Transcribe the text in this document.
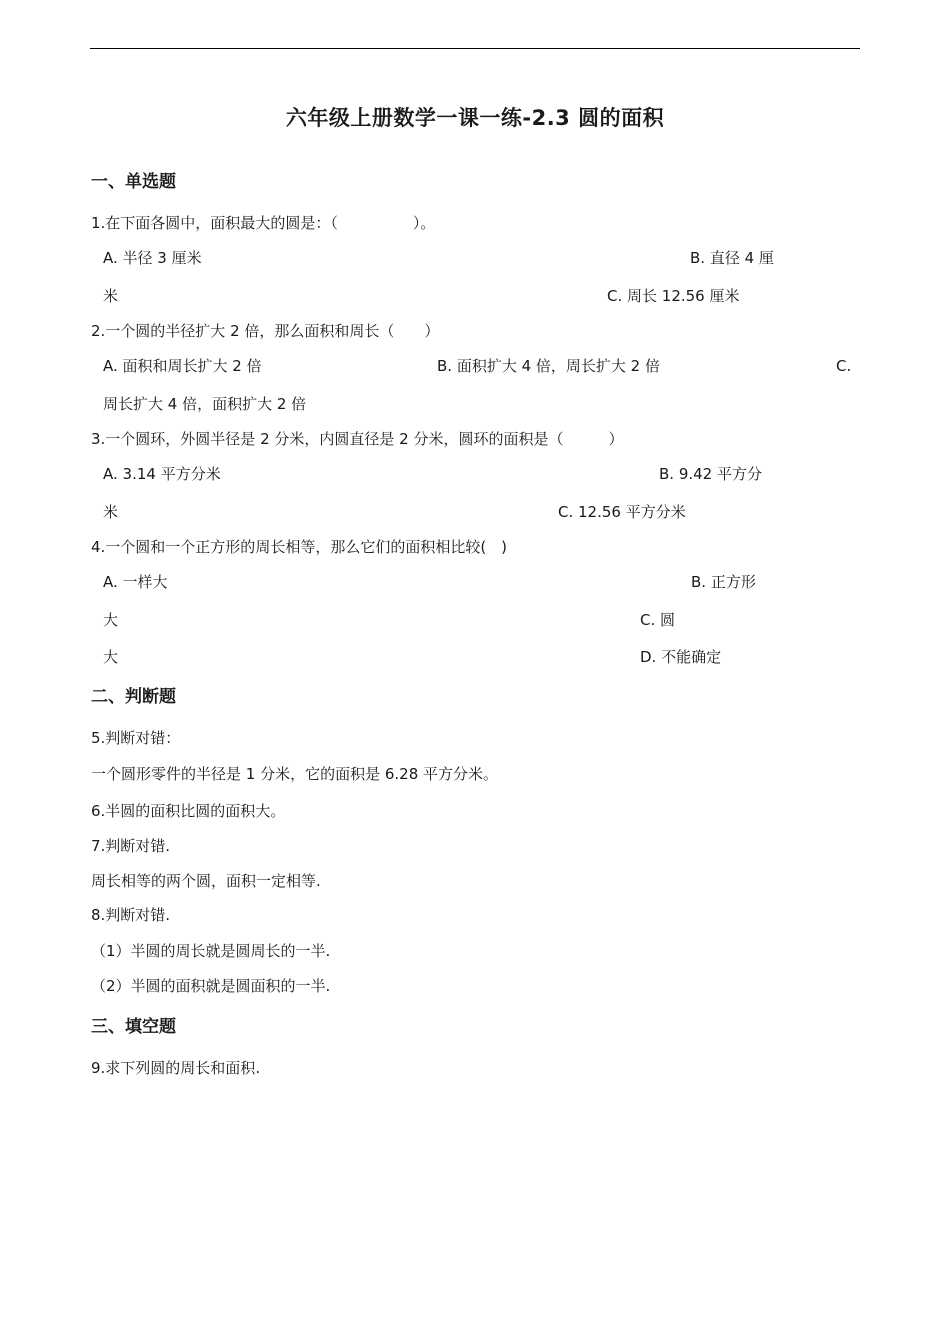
六年级上册数学一课一练-2.3 圆的面积
一、单选题
1.在下面各圆中，面积最大的圆是：（　　　　　）。
A. 半径 3 厘米	B. 直径 4 厘
米	C. 周长 12.56 厘米
2.一个圆的半径扩大 2 倍，那么面积和周长（　　）
A. 面积和周长扩大 2 倍	B. 面积扩大 4 倍，周长扩大 2 倍	C.
周长扩大 4 倍，面积扩大 2 倍
3.一个圆环，外圆半径是 2 分米，内圆直径是 2 分米，圆环的面积是（　　　）
A. 3.14 平方分米	B. 9.42 平方分
米	C. 12.56 平方分米
4.一个圆和一个正方形的周长相等，那么它们的面积相比较(　)
A. 一样大	B. 正方形
大	C. 圆
大	D. 不能确定
二、判断题
5.判断对错：
一个圆形零件的半径是 1 分米，它的面积是 6.28 平方分米。
6.半圆的面积比圆的面积大。
7.判断对错.
周长相等的两个圆，面积一定相等.
8.判断对错.
（1）半圆的周长就是圆周长的一半.
（2）半圆的面积就是圆面积的一半.
三、填空题
9.求下列圆的周长和面积.
